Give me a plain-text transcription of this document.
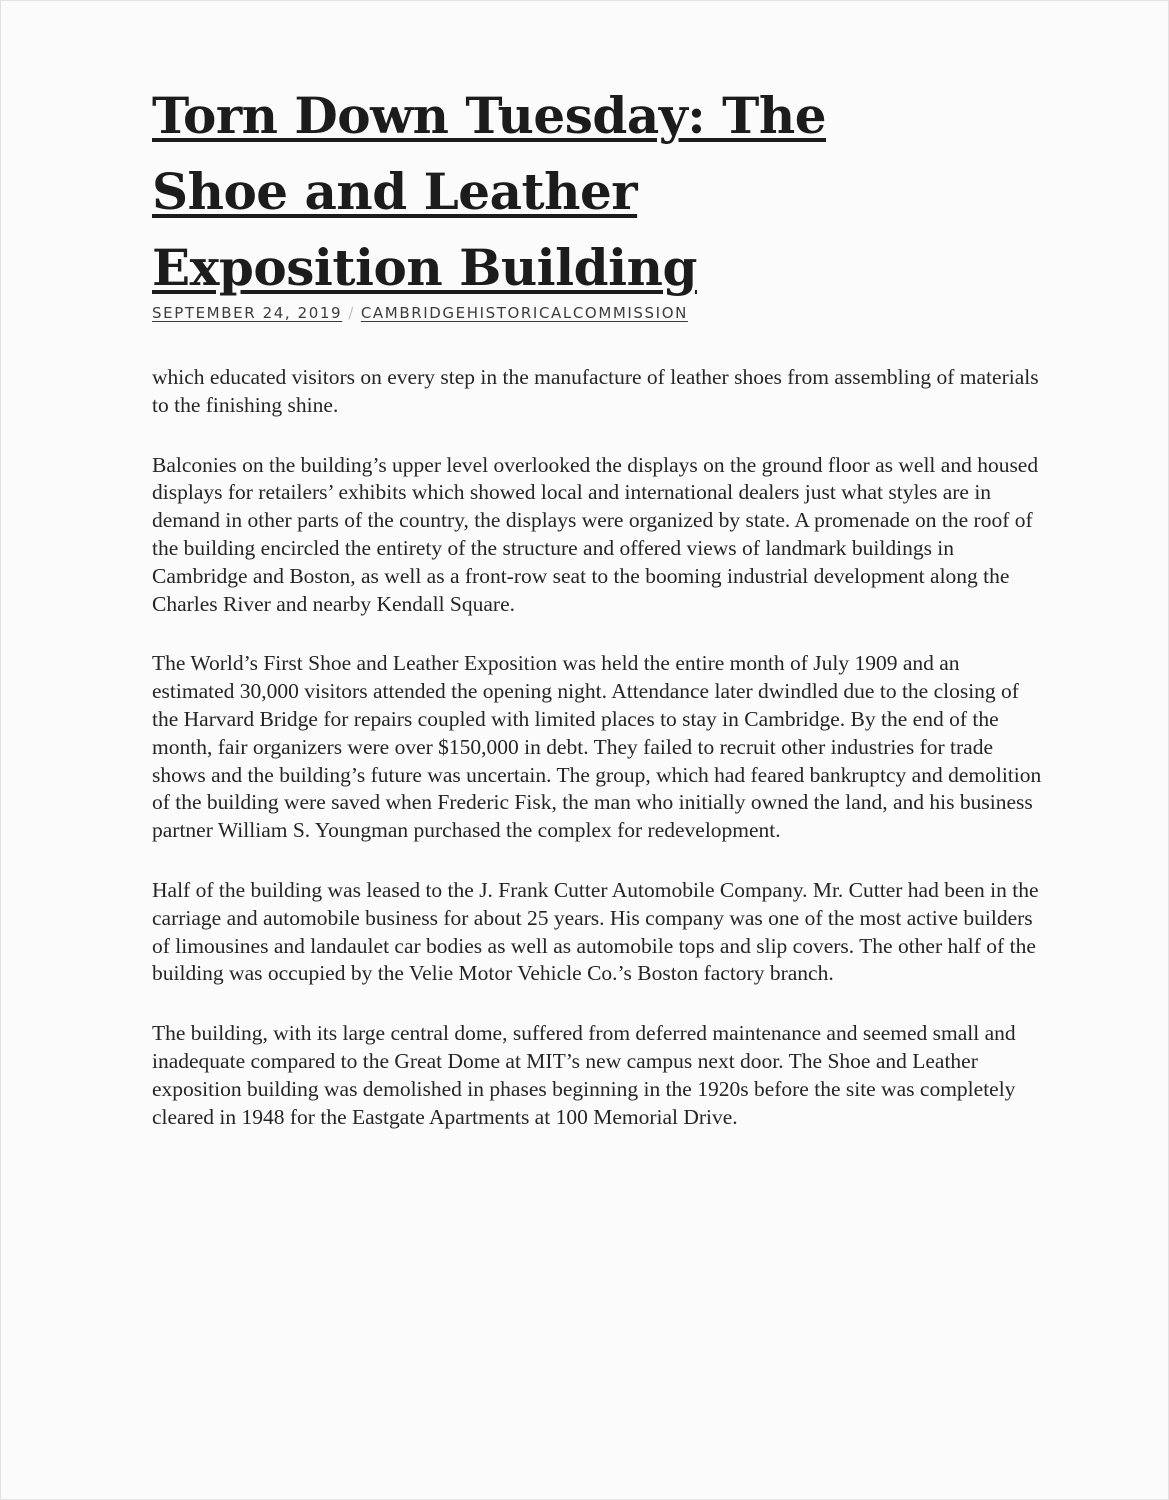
Torn Down Tuesday: The Shoe and Leather Exposition Building
SEPTEMBER 24, 2019 / CAMBRIDGEHISTORICALCOMMISSION

which educated visitors on every step in the manufacture of leather shoes from assembling of materials to the finishing shine.

Balconies on the building’s upper level overlooked the displays on the ground floor as well and housed displays for retailers’ exhibits which showed local and international dealers just what styles are in demand in other parts of the country, the displays were organized by state. A promenade on the roof of the building encircled the entirety of the structure and offered views of landmark buildings in Cambridge and Boston, as well as a front-row seat to the booming industrial development along the Charles River and nearby Kendall Square.

The World’s First Shoe and Leather Exposition was held the entire month of July 1909 and an estimated 30,000 visitors attended the opening night. Attendance later dwindled due to the closing of the Harvard Bridge for repairs coupled with limited places to stay in Cambridge. By the end of the month, fair organizers were over $150,000 in debt. They failed to recruit other industries for trade shows and the building’s future was uncertain. The group, which had feared bankruptcy and demolition of the building were saved when Frederic Fisk, the man who initially owned the land, and his business partner William S. Youngman purchased the complex for redevelopment.

Half of the building was leased to the J. Frank Cutter Automobile Company. Mr. Cutter had been in the carriage and automobile business for about 25 years. His company was one of the most active builders of limousines and landaulet car bodies as well as automobile tops and slip covers. The other half of the building was occupied by the Velie Motor Vehicle Co.’s Boston factory branch.

The building, with its large central dome, suffered from deferred maintenance and seemed small and inadequate compared to the Great Dome at MIT’s new campus next door. The Shoe and Leather exposition building was demolished in phases beginning in the 1920s before the site was completely cleared in 1948 for the Eastgate Apartments at 100 Memorial Drive.
